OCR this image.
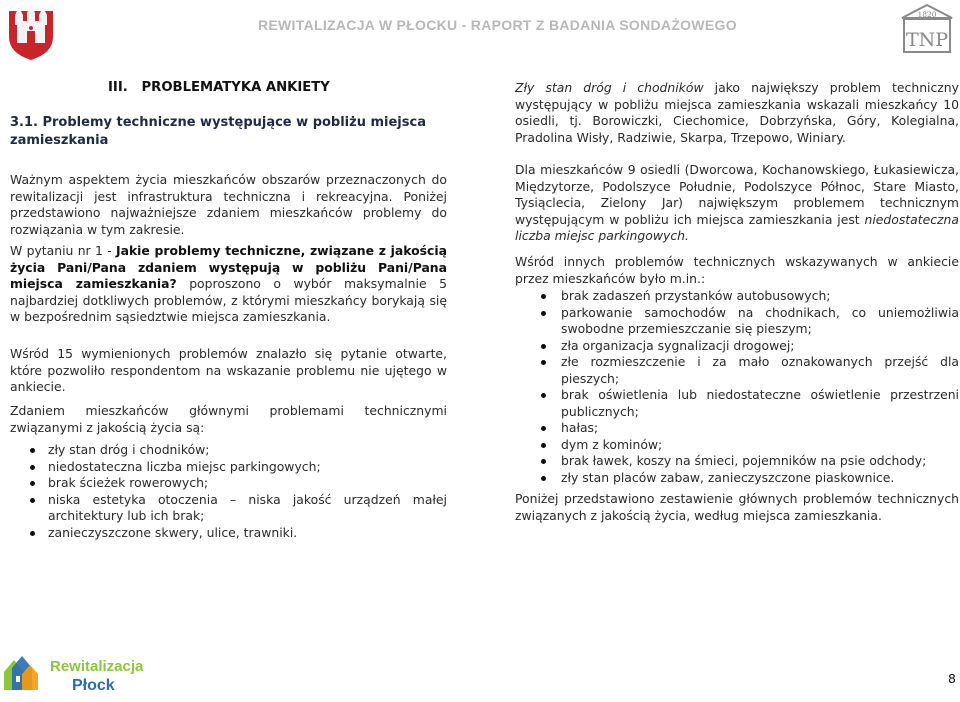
REWITALIZACJA W PŁOCKU - RAPORT Z BADANIA SONDAŻOWEGO
1820
TNP
III.   PROBLEMATYKA ANKIETY
3.1. Problemy techniczne występujące w pobliżu miejsca zamieszkania
Ważnym aspektem życia mieszkańców obszarów przeznaczonych do rewitalizacji jest infrastruktura techniczna i rekreacyjna. Poniżej przedstawiono najważniejsze zdaniem mieszkańców problemy do rozwiązania w tym zakresie.
W pytaniu nr 1 - Jakie problemy techniczne, związane z jakością życia Pani/Pana zdaniem występują w pobliżu Pani/Pana miejsca zamieszkania? poproszono o wybór maksymalnie 5 najbardziej dotkliwych problemów, z którymi mieszkańcy borykają się w bezpośrednim sąsiedztwie miejsca zamieszkania.
Wśród 15 wymienionych problemów znalazło się pytanie otwarte, które pozwoliło respondentom na wskazanie problemu nie ujętego w ankiecie.
Zdaniem mieszkańców głównymi problemami technicznymi związanymi z jakością życia są:
zły stan dróg i chodników;
niedostateczna liczba miejsc parkingowych;
brak ścieżek rowerowych;
niska estetyka otoczenia – niska jakość urządzeń małej architektury lub ich brak;
zanieczyszczone skwery, ulice, trawniki.
Zły stan dróg i chodników jako największy problem techniczny występujący w pobliżu miejsca zamieszkania wskazali mieszkańcy 10 osiedli, tj. Borowiczki, Ciechomice, Dobrzyńska, Góry, Kolegialna, Pradolina Wisły, Radziwie, Skarpa, Trzepowo, Winiary.
Dla mieszkańców 9 osiedli (Dworcowa, Kochanowskiego, Łukasiewicza, Międzytorze, Podolszyce Południe, Podolszyce Północ, Stare Miasto, Tysiąclecia, Zielony Jar) największym problemem technicznym występującym w pobliżu ich miejsca zamieszkania jest niedostateczna liczba miejsc parkingowych.
Wśród innych problemów technicznych wskazywanych w ankiecie przez mieszkańców było m.in.:
brak zadaszeń przystanków autobusowych;
parkowanie samochodów na chodnikach, co uniemożliwia swobodne przemieszczanie się pieszym;
zła organizacja sygnalizacji drogowej;
złe rozmieszczenie i za mało oznakowanych przejść dla pieszych;
brak oświetlenia lub niedostateczne oświetlenie przestrzeni publicznych;
hałas;
dym z kominów;
brak ławek, koszy na śmieci, pojemników na psie odchody;
zły stan placów zabaw, zanieczyszczone piaskownice.
Poniżej przedstawiono zestawienie głównych problemów technicznych związanych z jakością życia, według miejsca zamieszkania.
Rewitalizacja
Płock	8
